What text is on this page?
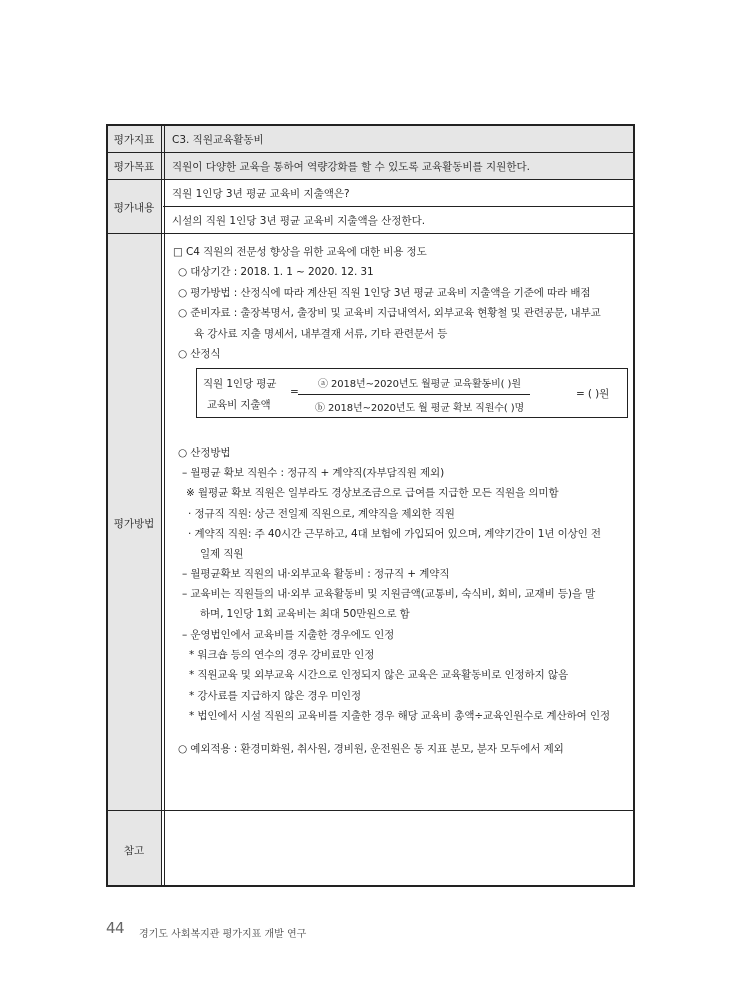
평가지표
평가목표
평가내용
평가방법
참고
C3. 직원교육활동비
직원이 다양한 교육을 통하여 역량강화를 할 수 있도록 교육활동비를 지원한다.
직원 1인당 3년 평균 교육비 지출액은?
시설의 직원 1인당 3년 평균 교육비 지출액을 산정한다.
□ C4 직원의 전문성 향상을 위한 교육에 대한 비용 정도
○ 대상기간 : 2018. 1. 1 ~ 2020. 12. 31
○ 평가방법 : 산정식에 따라 계산된 직원 1인당 3년 평균 교육비 지출액을 기준에 따라 배점
○ 준비자료 : 출장복명서, 출장비 및 교육비 지급내역서, 외부교육 현황철 및 관련공문, 내부교
육 강사료 지출 명세서, 내부결재 서류, 기타 관련문서 등
○ 산정식
직원 1인당 평균
교육비 지출액
=
ⓐ 2018년~2020년도 월평균 교육활동비( )원
ⓑ 2018년~2020년도 월 평균 확보 직원수( )명
= ( )원
○ 산정방법
– 월평균 확보 직원수 : 정규직 + 계약직(자부담직원 제외)
※ 월평균 확보 직원은 일부라도 경상보조금으로 급여를 지급한 모든 직원을 의미함
· 정규직 직원: 상근 전일제 직원으로, 계약직을 제외한 직원
· 계약직 직원: 주 40시간 근무하고, 4대 보험에 가입되어 있으며, 계약기간이 1년 이상인 전
일제 직원
– 월평균확보 직원의 내·외부교육 활동비 : 정규직 + 계약직
– 교육비는 직원들의 내·외부 교육활동비 및 지원금액(교통비, 숙식비, 회비, 교재비 등)을 말
하며, 1인당 1회 교육비는 최대 50만원으로 함
– 운영법인에서 교육비를 지출한 경우에도 인정
* 워크숍 등의 연수의 경우 강비료만 인정
* 직원교육 및 외부교육 시간으로 인정되지 않은 교육은 교육활동비로 인정하지 않음
* 강사료를 지급하지 않은 경우 미인정
* 법인에서 시설 직원의 교육비를 지출한 경우 해당 교육비 총액÷교육인원수로 계산하여 인정
○ 예외적용 : 환경미화원, 취사원, 경비원, 운전원은 동 지표 분모, 분자 모두에서 제외
44 경기도 사회복지관 평가지표 개발 연구
